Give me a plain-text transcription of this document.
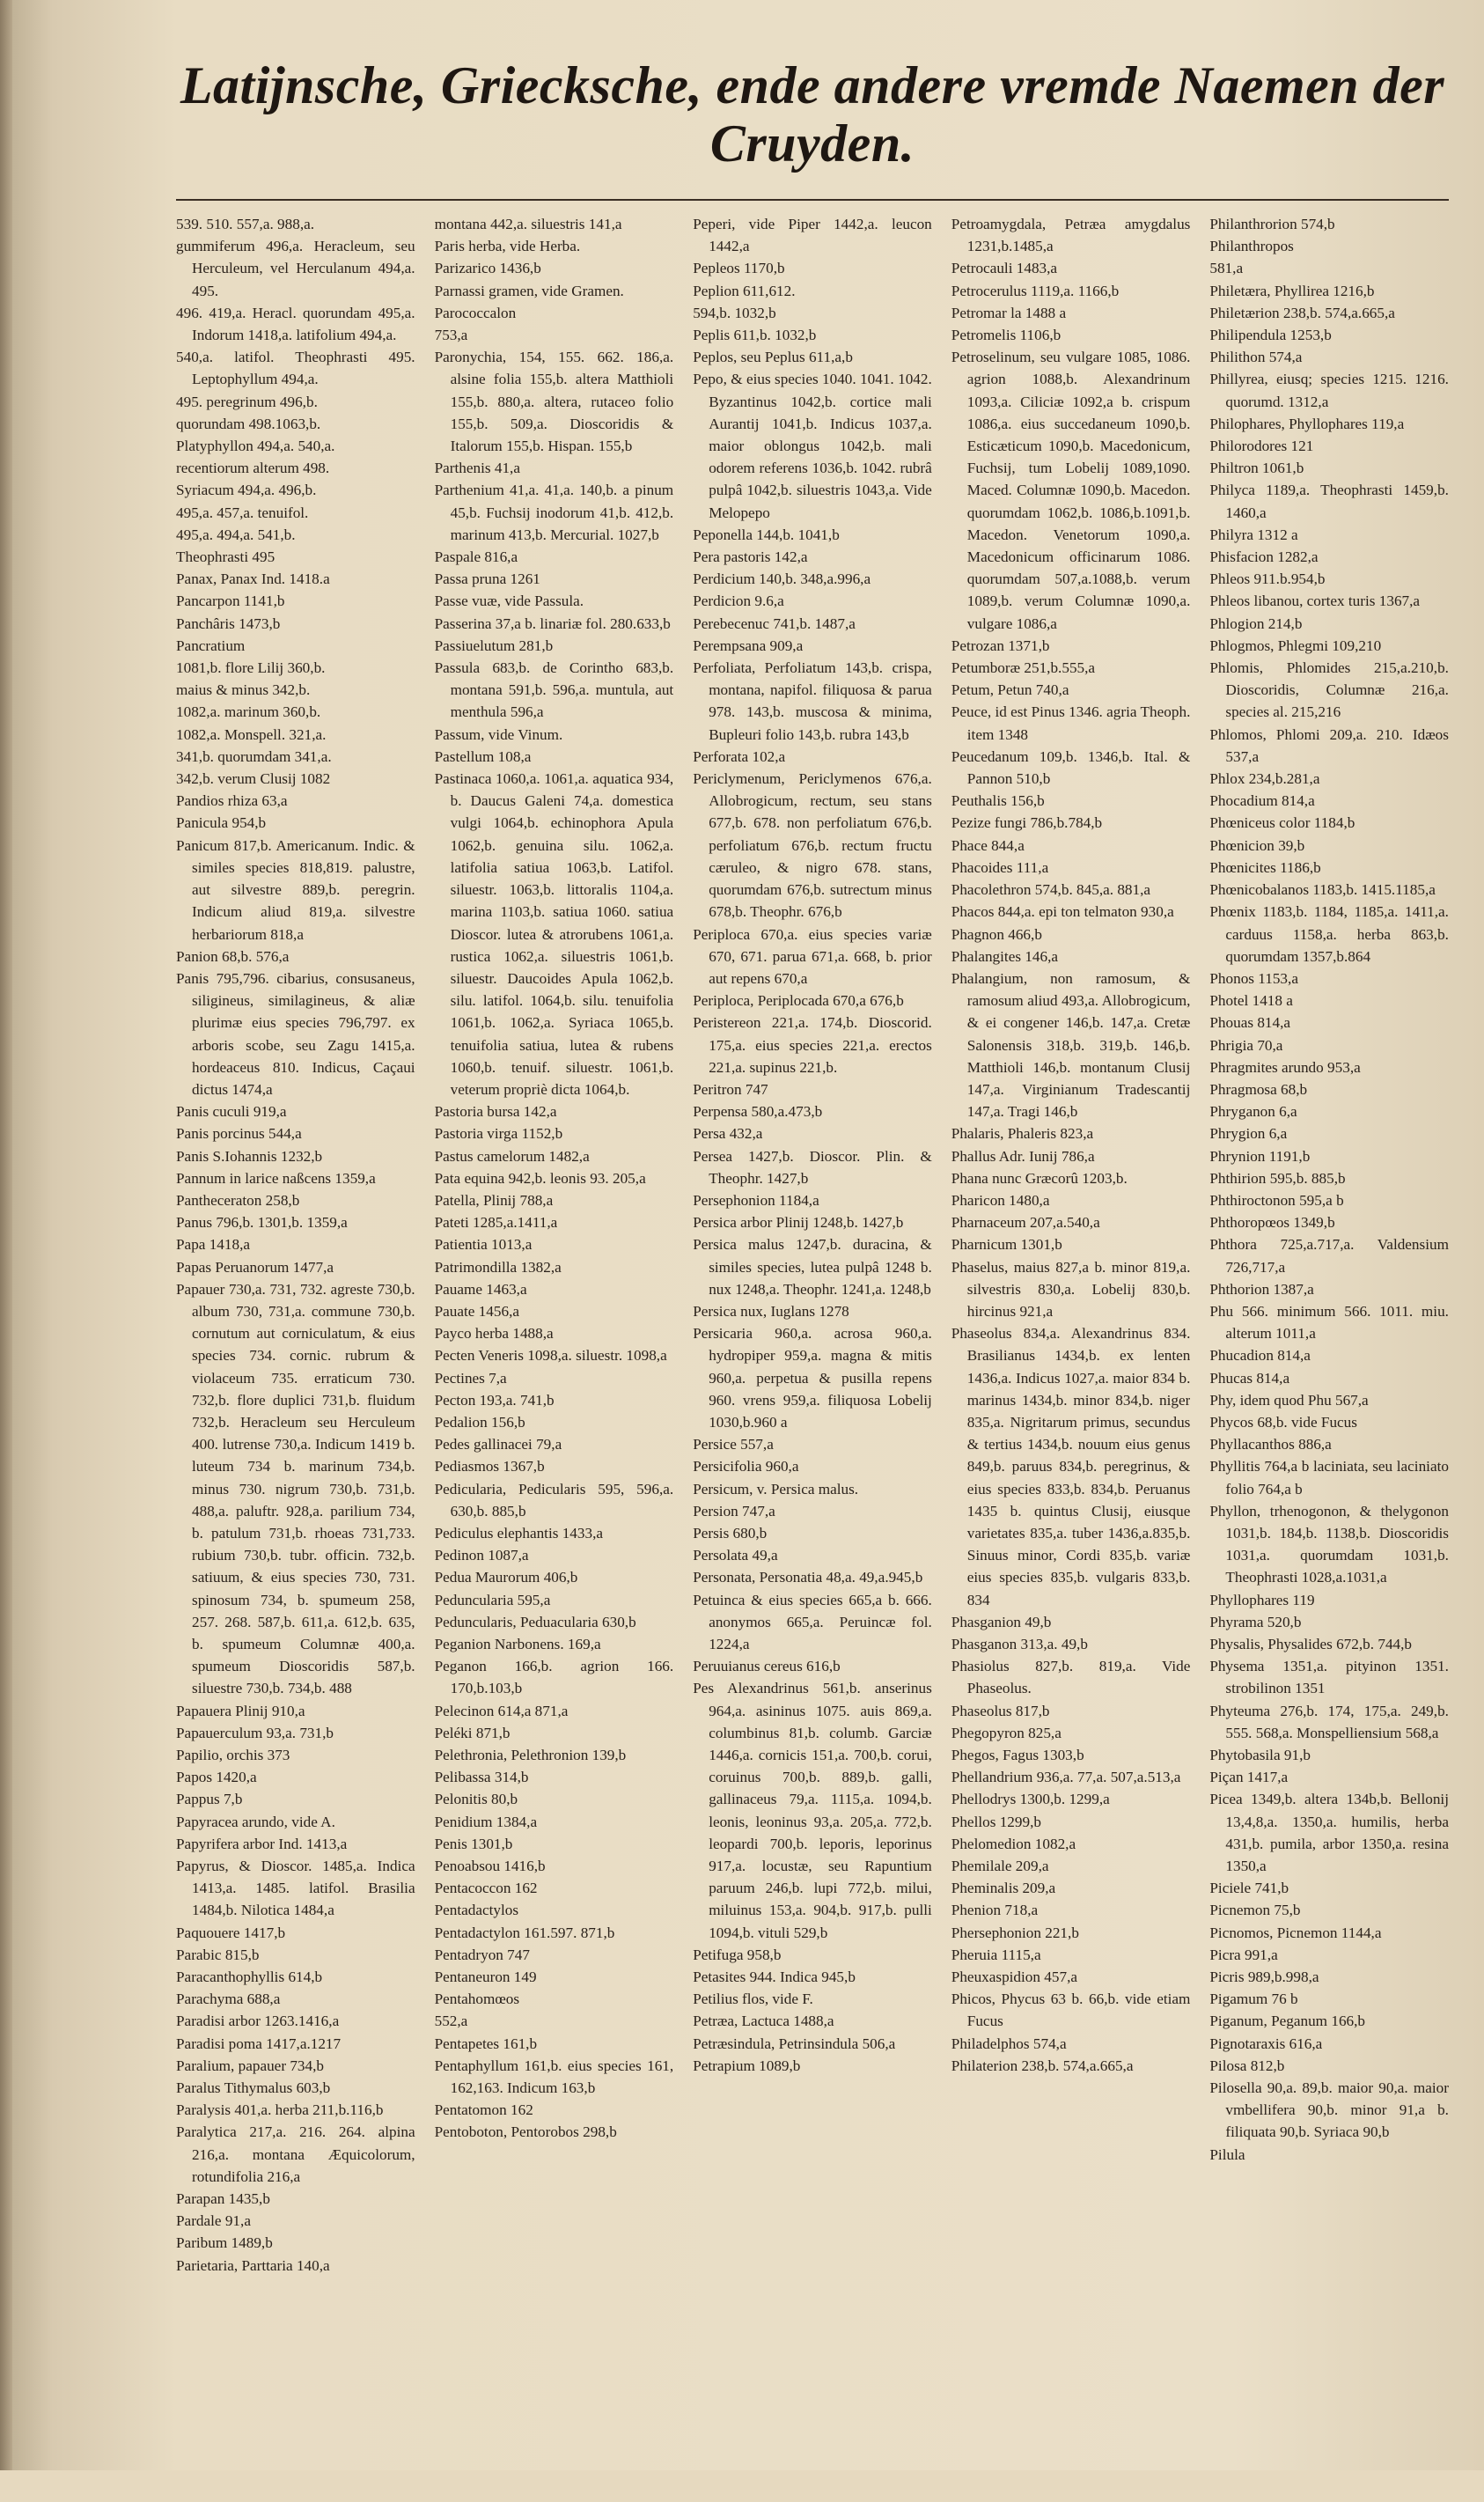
Latijnsche, Griecksche, ende andere vremde Naemen der Cruyden.

539. 510. 557,a. 988,a.

gummiferum 496,a. Heracleum, seu Herculeum, vel Herculanum 494,a. 495.

496. 419,a. Heracl. quorundam 495,a. Indorum 1418,a. latifolium 494,a.

540,a. latifol. Theophrasti 495. Leptophyllum 494,a.

495. peregrinum 496,b.

quorundam 498.1063,b.

Platyphyllon 494,a. 540,a.

recentiorum alterum 498.

Syriacum 494,a. 496,b.

495,a. 457,a. tenuifol.

495,a. 494,a. 541,b.

Theophrasti 495

Panax, Panax Ind. 1418.a

Pancarpon 1141,b

Panchâris 1473,b

Pancratium

1081,b. flore Lilij 360,b.

maius & minus 342,b.

1082,a. marinum 360,b.

1082,a. Monspell. 321,a.

341,b. quorumdam 341,a.

342,b. verum Clusij 1082

Pandios rhiza 63,a

Panicula 954,b

Panicum 817,b. Americanum. Indic. & similes species 818,819. palustre, aut silvestre 889,b. peregrin. Indicum aliud 819,a. silvestre herbariorum 818,a

Panion 68,b. 576,a

Panis 795,796. cibarius, consusaneus, siligineus, similagineus, & aliæ plurimæ eius species 796,797. ex arboris scobe, seu Zagu 1415,a. hordeaceus 810. Indicus, Caçaui dictus 1474,a

Panis cuculi 919,a

Panis porcinus 544,a

Panis S.Iohannis 1232,b

Pannum in larice naßcens 1359,a

Pantheceraton 258,b

Panus 796,b. 1301,b. 1359,a

Papa 1418,a

Papas Peruanorum 1477,a

Papauer 730,a. 731, 732. agreste 730,b. album 730, 731,a. commune 730,b. cornutum aut corniculatum, & eius species 734. cornic. rubrum & violaceum 735. erraticum 730. 732,b. flore duplici 731,b. fluidum 732,b. Heracleum seu Herculeum 400. lutrense 730,a. Indicum 1419 b. luteum 734 b. marinum 734,b. minus 730. nigrum 730,b. 731,b. 488,a. paluftr. 928,a. parilium 734, b. patulum 731,b. rhoeas 731,733. rubium 730,b. tubr. officin. 732,b. satiuum, & eius species 730, 731. spinosum 734, b. spumeum 258, 257. 268. 587,b. 611,a. 612,b. 635, b. spumeum Columnæ 400,a. spumeum Dioscoridis 587,b. siluestre 730,b. 734,b. 488

Papauera Plinij 910,a

Papauerculum 93,a. 731,b

Papilio, orchis 373

Papos 1420,a

Pappus 7,b

Papyracea arundo, vide A.

Papyrifera arbor Ind. 1413,a

Papyrus, & Dioscor. 1485,a. Indica 1413,a. 1485. latifol. Brasilia 1484,b. Nilotica 1484,a

Paquouere 1417,b

Parabic 815,b

Paracanthophyllis 614,b

Parachyma 688,a

Paradisi arbor 1263.1416,a

Paradisi poma 1417,a.1217

Paralium, papauer 734,b

Paralus Tithymalus 603,b

Paralysis 401,a. herba 211,b.116,b

Paralytica 217,a. 216. 264. alpina 216,a. montana Æquicolorum, rotundifolia 216,a

Parapan 1435,b

Pardale 91,a

Paribum 1489,b

Parietaria, Parttaria 140,a

montana 442,a. siluestris 141,a

Paris herba, vide Herba.

Parizarico 1436,b

Parnassi gramen, vide Gramen.

Parococcalon

753,a

Paronychia, 154, 155. 662. 186,a. alsine folia 155,b. altera Matthioli 155,b. 880,a. altera, rutaceo folio 155,b. 509,a. Dioscoridis & Italorum 155,b. Hispan. 155,b

Parthenis 41,a

Parthenium 41,a. 41,a. 140,b. a pinum 45,b. Fuchsij inodorum 41,b. 412,b. marinum 413,b. Mercurial. 1027,b

Paspale 816,a

Passa pruna 1261

Passe vuæ, vide Passula.

Passerina 37,a b. linariæ fol. 280.633,b

Passiuelutum 281,b

Passula 683,b. de Corintho 683,b. montana 591,b. 596,a. muntula, aut menthula 596,a

Passum, vide Vinum.

Pastellum 108,a

Pastinaca 1060,a. 1061,a. aquatica 934, b. Daucus Galeni 74,a. domestica vulgi 1064,b. echinophora Apula 1062,b. genuina silu. 1062,a. latifolia satiua 1063,b. Latifol. siluestr. 1063,b. littoralis 1104,a. marina 1103,b. satiua 1060. satiua Dioscor. lutea & atrorubens 1061,a. rustica 1062,a. siluestris 1061,b. siluestr. Daucoides Apula 1062,b. silu. latifol. 1064,b. silu. tenuifolia 1061,b. 1062,a. Syriaca 1065,b. tenuifolia satiua, lutea & rubens 1060,b. tenuif. siluestr. 1061,b. veterum propriè dicta 1064,b.

Pastoria bursa 142,a

Pastoria virga 1152,b

Pastus camelorum 1482,a

Pata equina 942,b. leonis 93. 205,a

Patella, Plinij 788,a

Pateti 1285,a.1411,a

Patientia 1013,a

Patrimondilla 1382,a

Pauame 1463,a

Pauate 1456,a

Payco herba 1488,a

Pecten Veneris 1098,a. siluestr. 1098,a

Pectines 7,a

Pecton 193,a. 741,b

Pedalion 156,b

Pedes gallinacei 79,a

Pediasmos 1367,b

Pedicularia, Pedicularis 595, 596,a. 630,b. 885,b

Pediculus elephantis 1433,a

Pedinon 1087,a

Pedua Maurorum 406,b

Peduncularia 595,a

Peduncularis, Peduacularia 630,b

Peganion Narbonens. 169,a

Peganon 166,b. agrion 166. 170,b.103,b

Pelecinon 614,a 871,a

Peléki 871,b

Pelethronia, Pelethronion 139,b

Pelibassa 314,b

Pelonitis 80,b

Penidium 1384,a

Penis 1301,b

Penoabsou 1416,b

Pentacoccon 162

Pentadactylos

Pentadactylon 161.597. 871,b

Pentadryon 747

Pentaneuron 149

Pentahomœos

552,a

Pentapetes 161,b

Pentaphyllum 161,b. eius species 161, 162,163. Indicum 163,b

Pentatomon 162

Pentoboton, Pentorobos 298,b

Peperi, vide Piper 1442,a. leucon 1442,a

Pepleos 1170,b

Peplion 611,612.

594,b. 1032,b

Peplis 611,b. 1032,b

Peplos, seu Peplus 611,a,b

Pepo, & eius species 1040. 1041. 1042. Byzantinus 1042,b. cortice mali Aurantij 1041,b. Indicus 1037,a. maior oblongus 1042,b. mali odorem referens 1036,b. 1042. rubrâ pulpâ 1042,b. siluestris 1043,a. Vide Melopepo

Peponella 144,b. 1041,b

Pera pastoris 142,a

Perdicium 140,b. 348,a.996,a

Perdicion 9.6,a

Perebecenuc 741,b. 1487,a

Perempsana 909,a

Perfoliata, Perfoliatum 143,b. crispa, montana, napifol. filiquosa & parua 978. 143,b. muscosa & minima, Bupleuri folio 143,b. rubra 143,b

Perforata 102,a

Periclymenum, Periclymenos 676,a. Allobrogicum, rectum, seu stans 677,b. 678. non perfoliatum 676,b. perfoliatum 676,b. rectum fructu cæruleo, & nigro 678. stans, quorumdam 676,b. sutrectum minus 678,b. Theophr. 676,b

Periploca 670,a. eius species variæ 670, 671. parua 671,a. 668, b. prior aut repens 670,a

Periploca, Periplocada 670,a 676,b

Peristereon 221,a. 174,b. Dioscorid. 175,a. eius species 221,a. erectos 221,a. supinus 221,b.

Peritron 747

Perpensa 580,a.473,b

Persa 432,a

Persea 1427,b. Dioscor. Plin. & Theophr. 1427,b

Persephonion 1184,a

Persica arbor Plinij 1248,b. 1427,b

Persica malus 1247,b. duracina, & similes species, lutea pulpâ 1248 b. nux 1248,a. Theophr. 1241,a. 1248,b

Persica nux, Iuglans 1278

Persicaria 960,a. acrosa 960,a. hydropiper 959,a. magna & mitis 960,a. perpetua & pusilla repens 960. vrens 959,a. filiquosa Lobelij 1030,b.960 a

Persice 557,a

Persicifolia 960,a

Persicum, v. Persica malus.

Persion 747,a

Persis 680,b

Persolata 49,a

Personata, Personatia 48,a. 49,a.945,b

Petuinca & eius species 665,a b. 666. anonymos 665,a. Peruincæ fol. 1224,a

Peruuianus cereus 616,b

Pes Alexandrinus 561,b. anserinus 964,a. asininus 1075. auis 869,a. columbinus 81,b. columb. Garciæ 1446,a. cornicis 151,a. 700,b. corui, coruinus 700,b. 889,b. galli, gallinaceus 79,a. 1115,a. 1094,b. leonis, leoninus 93,a. 205,a. 772,b. leopardi 700,b. leporis, leporinus 917,a. locustæ, seu Rapuntium paruum 246,b. lupi 772,b. milui, miluinus 153,a. 904,b. 917,b. pulli 1094,b. vituli 529,b

Petifuga 958,b

Petasites 944. Indica 945,b

Petilius flos, vide F.

Petræa, Lactuca 1488,a

Petræsindula, Petrinsindula 506,a

Petrapium 1089,b

Petroamygdala, Petræa amygdalus 1231,b.1485,a

Petrocauli 1483,a

Petrocerulus 1119,a. 1166,b

Petromar la 1488 a

Petromelis 1106,b

Petroselinum, seu vulgare 1085, 1086. agrion 1088,b. Alexandrinum 1093,a. Ciliciæ 1092,a b. crispum 1086,a. eius succedaneum 1090,b. Esticæticum 1090,b. Macedonicum, Fuchsij, tum Lobelij 1089,1090. Maced. Columnæ 1090,b. Macedon. quorumdam 1062,b. 1086,b.1091,b. Macedon. Venetorum 1090,a. Macedonicum officinarum 1086. quorumdam 507,a.1088,b. verum 1089,b. verum Columnæ 1090,a. vulgare 1086,a

Petrozan 1371,b

Petumboræ 251,b.555,a

Petum, Petun 740,a

Peuce, id est Pinus 1346. agria Theoph. item 1348

Peucedanum 109,b. 1346,b. Ital. & Pannon 510,b

Peuthalis 156,b

Pezize fungi 786,b.784,b

Phace 844,a

Phacoides 111,a

Phacolethron 574,b. 845,a. 881,a

Phacos 844,a. epi ton telmaton 930,a

Phagnon 466,b

Phalangites 146,a

Phalangium, non ramosum, & ramosum aliud 493,a. Allobrogicum, & ei congener 146,b. 147,a. Cretæ Salonensis 318,b. 319,b. 146,b. Matthioli 146,b. montanum Clusij 147,a. Virginianum Tradescantij 147,a. Tragi 146,b

Phalaris, Phaleris 823,a

Phallus Adr. Iunij 786,a

Phana nunc Græcorû 1203,b.

Pharicon 1480,a

Pharnaceum 207,a.540,a

Pharnicum 1301,b

Phaselus, maius 827,a b. minor 819,a. silvestris 830,a. Lobelij 830,b. hircinus 921,a

Phaseolus 834,a. Alexandrinus 834. Brasilianus 1434,b. ex lenten 1436,a. Indicus 1027,a. maior 834 b. marinus 1434,b. minor 834,b. niger 835,a. Nigritarum primus, secundus & tertius 1434,b. nouum eius genus 849,b. paruus 834,b. peregrinus, & eius species 833,b. 834,b. Peruanus 1435 b. quintus Clusij, eiusque varietates 835,a. tuber 1436,a.835,b. Sinuus minor, Cordi 835,b. variæ eius species 835,b. vulgaris 833,b. 834

Phasganion 49,b

Phasganon 313,a. 49,b

Phasiolus 827,b. 819,a. Vide Phaseolus.

Phaseolus 817,b

Phegopyron 825,a

Phegos, Fagus 1303,b

Phellandrium 936,a. 77,a. 507,a.513,a

Phellodrys 1300,b. 1299,a

Phellos 1299,b

Phelomedion 1082,a

Phemilale 209,a

Pheminalis 209,a

Phenion 718,a

Phersephonion 221,b

Pheruia 1115,a

Pheuxaspidion 457,a

Phicos, Phycus 63 b. 66,b. vide etiam Fucus

Philadelphos 574,a

Philaterion 238,b. 574,a.665,a

Philanthrorion 574,b

Philanthropos

581,a

Philetæra, Phyllirea 1216,b

Philetærion 238,b. 574,a.665,a

Philipendula 1253,b

Philithon 574,a

Phillyrea, eiusq; species 1215. 1216. quorumd. 1312,a

Philophares, Phyllophares 119,a

Philorodores 121

Philtron 1061,b

Philyca 1189,a. Theophrasti 1459,b. 1460,a

Philyra 1312 a

Phisfacion 1282,a

Phleos 911.b.954,b

Phleos libanou, cortex turis 1367,a

Phlogion 214,b

Phlogmos, Phlegmi 109,210

Phlomis, Phlomides 215,a.210,b. Dioscoridis, Columnæ 216,a. species al. 215,216

Phlomos, Phlomi 209,a. 210. Idæos 537,a

Phlox 234,b.281,a

Phocadium 814,a

Phœniceus color 1184,b

Phœnicion 39,b

Phœnicites 1186,b

Phœnicobalanos 1183,b. 1415.1185,a

Phœnix 1183,b. 1184, 1185,a. 1411,a. carduus 1158,a. herba 863,b. quorumdam 1357,b.864

Phonos 1153,a

Photel 1418 a

Phouas 814,a

Phrigia 70,a

Phragmites arundo 953,a

Phragmosa 68,b

Phryganon 6,a

Phrygion 6,a

Phrynion 1191,b

Phthirion 595,b. 885,b

Phthiroctonon 595,a b

Phthoropœos 1349,b

Phthora 725,a.717,a. Valdensium 726,717,a

Phthorion 1387,a

Phu 566. minimum 566. 1011. miu. alterum 1011,a

Phucadion 814,a

Phucas 814,a

Phy, idem quod Phu 567,a

Phycos 68,b. vide Fucus

Phyllacanthos 886,a

Phyllitis 764,a b laciniata, seu laciniato folio 764,a b

Phyllon, trhenogonon, & thelygonon 1031,b. 184,b. 1138,b. Dioscoridis 1031,a. quorumdam 1031,b. Theophrasti 1028,a.1031,a

Phyllophares 119

Phyrama 520,b

Physalis, Physalides 672,b. 744,b

Physema 1351,a. pityinon 1351. strobilinon 1351

Phyteuma 276,b. 174, 175,a. 249,b. 555. 568,a. Monspelliensium 568,a

Phytobasila 91,b

Piçan 1417,a

Picea 1349,b. altera 134b,b. Bellonij 13,4,8,a. 1350,a. humilis, herba 431,b. pumila, arbor 1350,a. resina 1350,a

Piciele 741,b

Picnemon 75,b

Picnomos, Picnemon 1144,a

Picra 991,a

Picris 989,b.998,a

Pigamum 76 b

Piganum, Peganum 166,b

Pignotaraxis 616,a

Pilosa 812,b

Pilosella 90,a. 89,b. maior 90,a. maior vmbellifera 90,b. minor 91,a b. filiquata 90,b. Syriaca 90,b

Pilula
